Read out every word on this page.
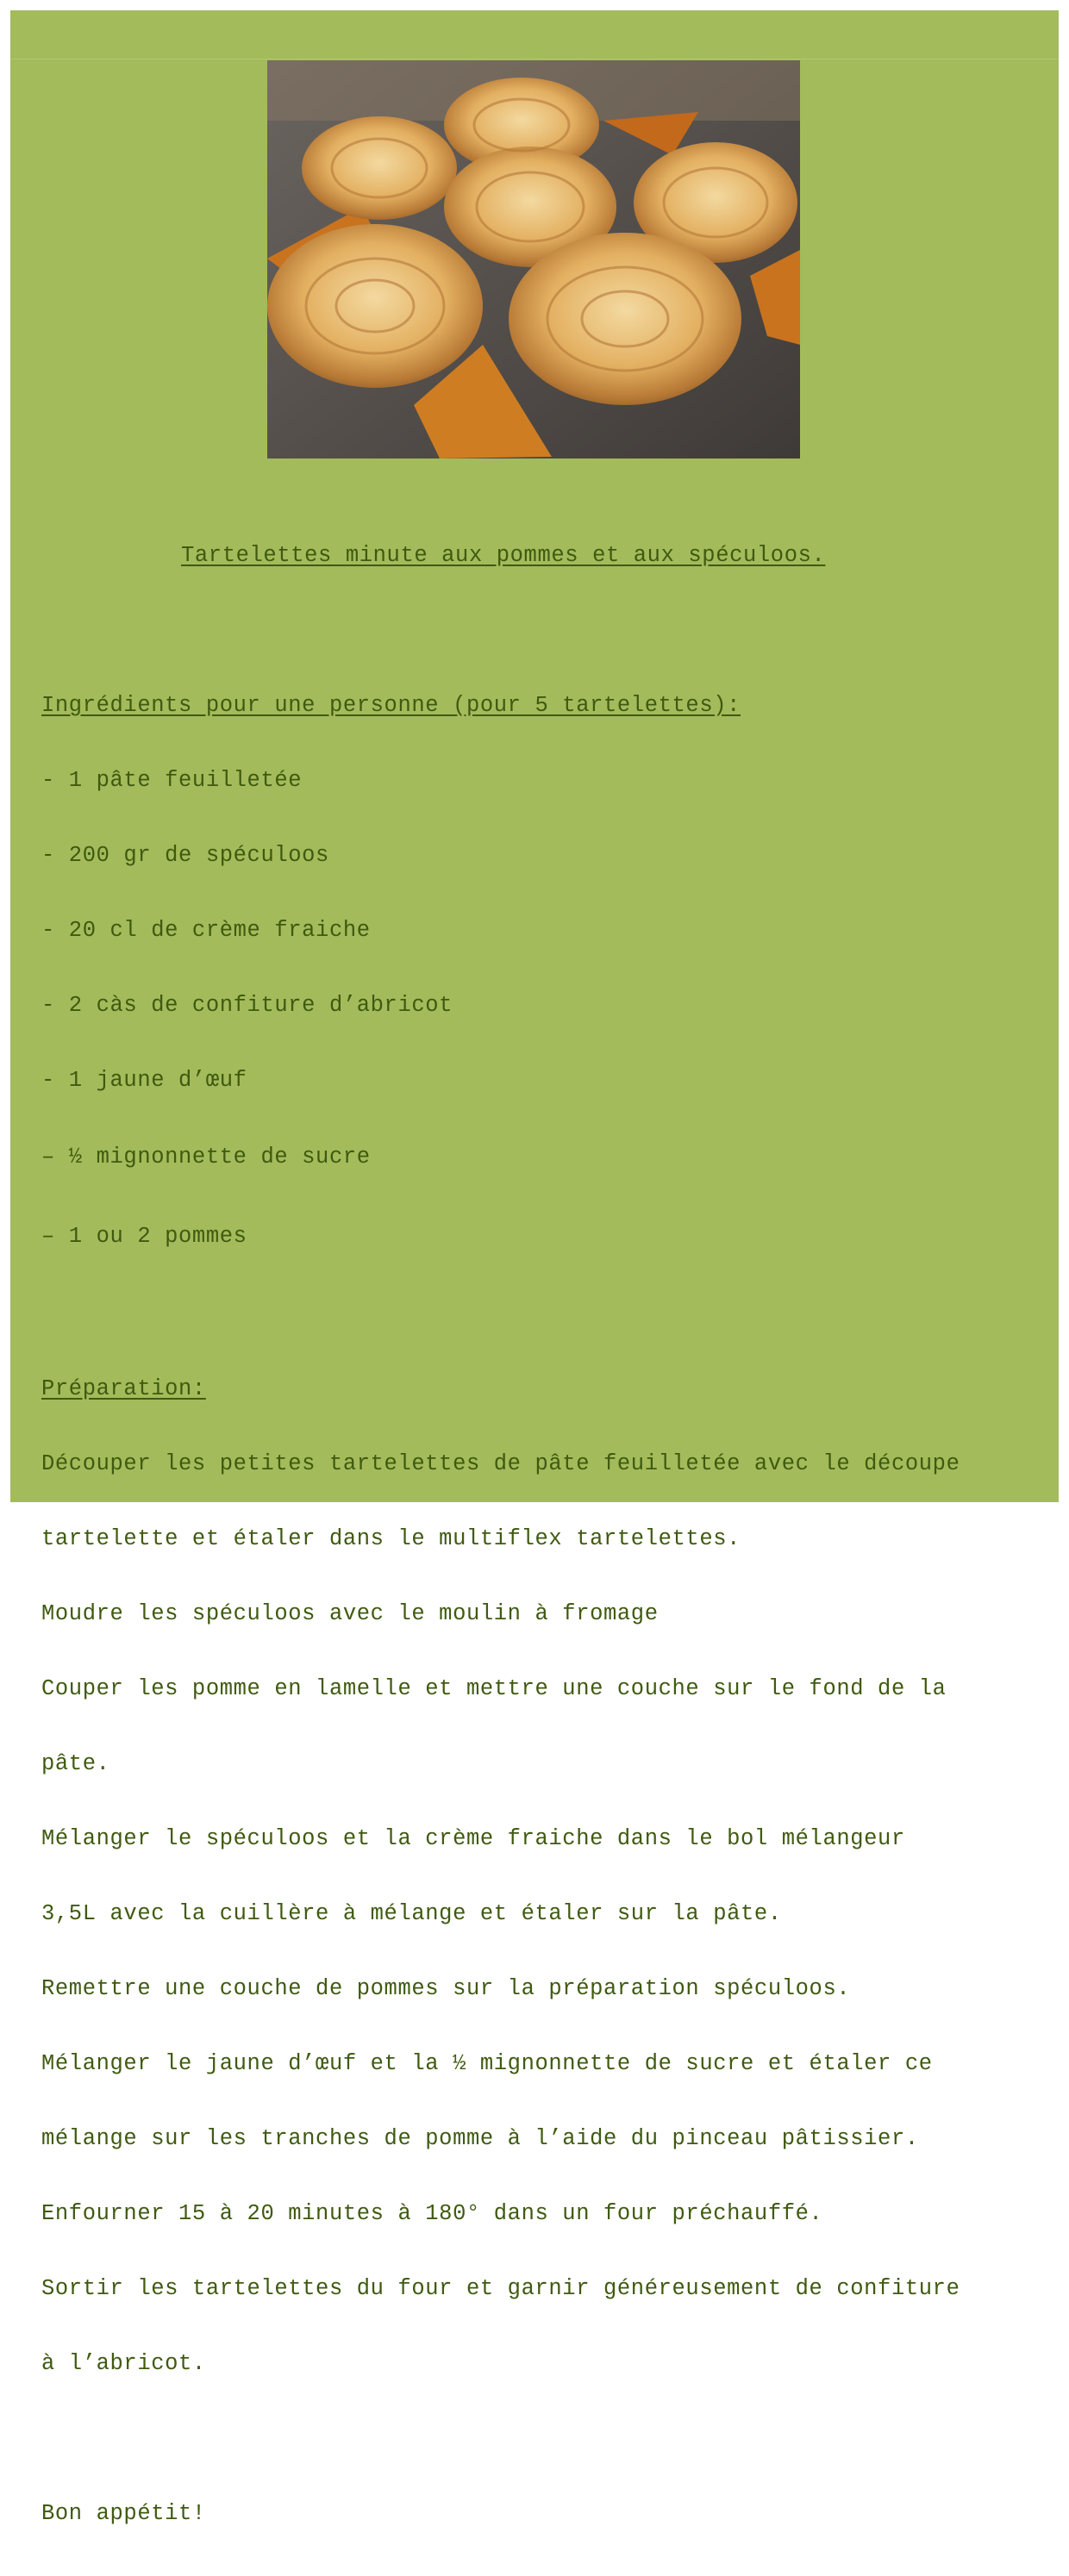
Tartelettes minute aux pommes et aux spéculoos.

Ingrédients pour une personne (pour 5 tartelettes):

- 1 pâte feuilletée

- 200 gr de spéculoos

- 20 cl de crème fraiche

- 2 càs de confiture d’abricot

- 1 jaune d’œuf

– ½ mignonnette de sucre

– 1 ou 2 pommes

Préparation:

Découper les petites tartelettes de pâte feuilletée avec le découpe

tartelette et étaler dans le multiflex tartelettes.

Moudre les spéculoos avec le moulin à fromage

Couper les pomme en lamelle et mettre une couche sur le fond de la

pâte.

Mélanger le spéculoos et la crème fraiche dans le bol mélangeur

3,5L avec la cuillère à mélange et étaler sur la pâte.

Remettre une couche de pommes sur la préparation spéculoos.

Mélanger le jaune d’œuf et la ½ mignonnette de sucre et étaler ce

mélange sur les tranches de pomme à l’aide du pinceau pâtissier.

Enfourner 15 à 20 minutes à 180° dans un four préchauffé.

Sortir les tartelettes du four et garnir généreusement de confiture

à l’abricot.

Bon appétit!
